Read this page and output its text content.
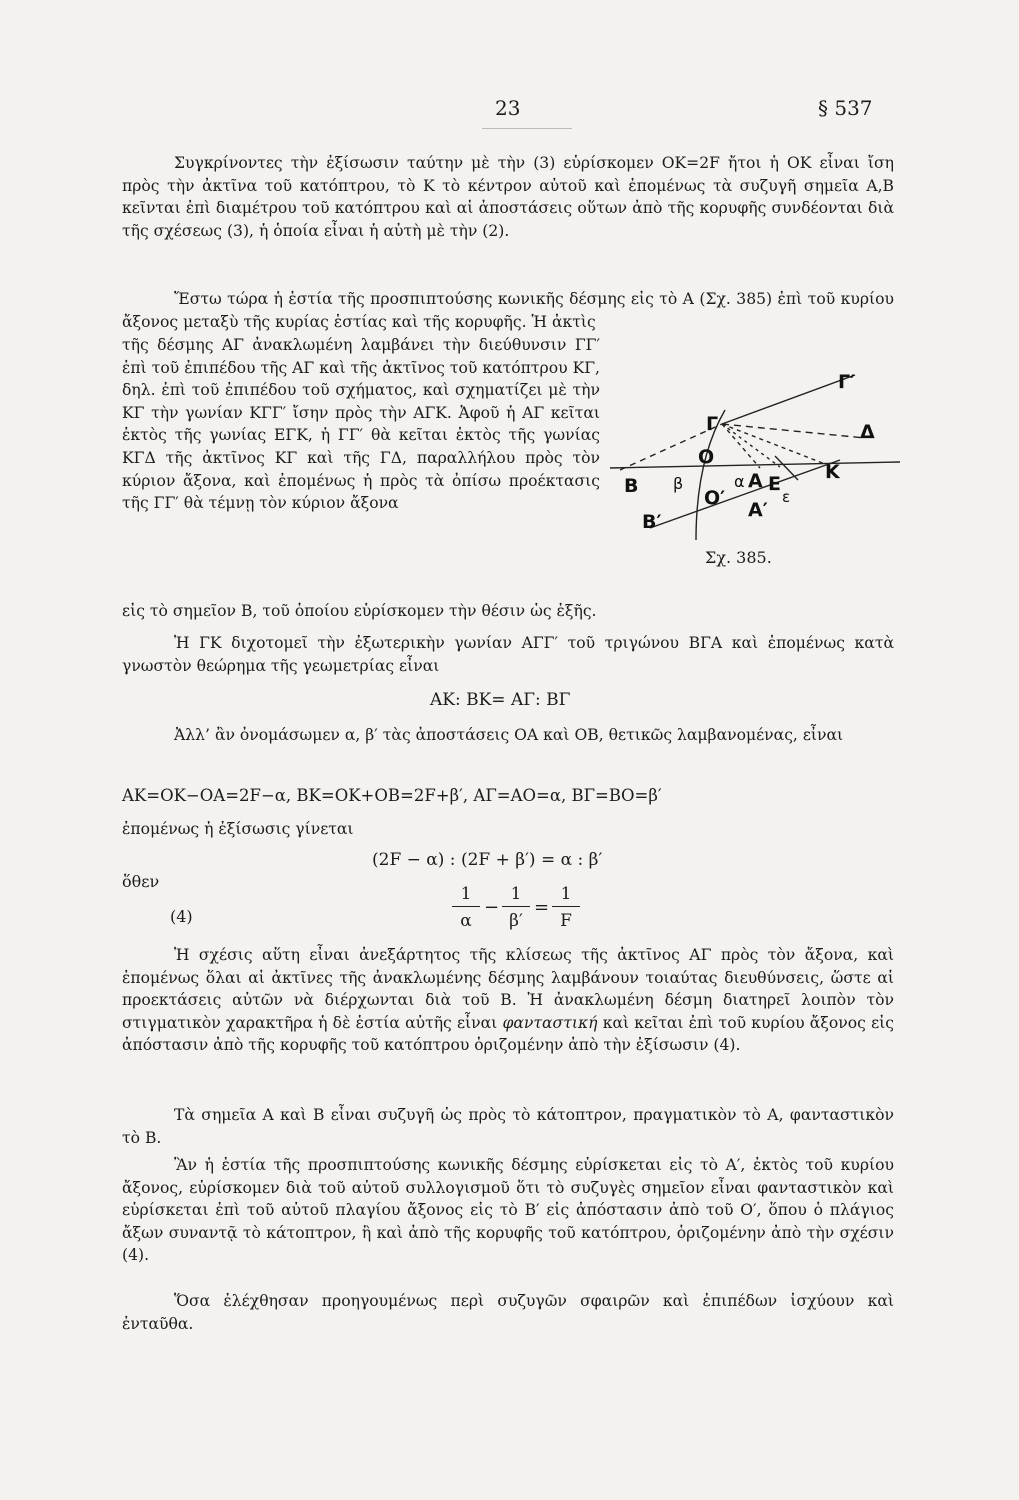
23	§ 537

Συγκρίνοντες τὴν ἐξίσωσιν ταύτην μὲ τὴν (3) εὑρίσκομεν ΟΚ=2F ἤτοι ἡ ΟΚ εἶναι ἴση πρὸς τὴν ἀκτῖνα τοῦ κατόπτρου, τὸ Κ τὸ κέντρον αὐτοῦ καὶ ἐπομένως τὰ συζυγῆ σημεῖα Α,Β κεῖνται ἐπὶ διαμέτρου τοῦ κατόπτρου καὶ αἱ ἀποστάσεις οὕτων ἀπὸ τῆς κορυφῆς συνδέονται διὰ τῆς σχέσεως (3), ἡ ὁποία εἶναι ἡ αὐτὴ μὲ τὴν (2).

Ἔστω τώρα ἡ ἑστία τῆς προσπιπτούσης κωνικῆς δέσμης εἰς τὸ Α (Σχ. 385) ἐπὶ τοῦ κυρίου ἄξονος μεταξὺ τῆς κυρίας ἑστίας καὶ τῆς κορυφῆς. Ἡ ἀκτὶς

τῆς δέσμης ΑΓ ἀνακλωμένη λαμβάνει τὴν διεύθυνσιν ΓΓ′ ἐπὶ τοῦ ἐπιπέδου τῆς ΑΓ καὶ τῆς ἀκτῖνος τοῦ κατόπτρου ΚΓ, δηλ. ἐπὶ τοῦ ἐπιπέδου τοῦ σχήματος, καὶ σχηματίζει μὲ τὴν ΚΓ τὴν γωνίαν ΚΓΓ′ ἴσην πρὸς τὴν ΑΓΚ. Ἀφοῦ ἡ ΑΓ κεῖται ἐκτὸς τῆς γωνίας ΕΓΚ, ἡ ΓΓ′ θὰ κεῖται ἐκτὸς τῆς γωνίας ΚΓΔ τῆς ἀκτῖνος ΚΓ καὶ τῆς ΓΔ, παραλλήλου πρὸς τὸν κύριον ἄξονα, καὶ ἐπομένως ἡ πρὸς τὰ ὀπίσω προέκτασις τῆς ΓΓ′ θὰ τέμνῃ τὸν κύριον ἄξονα

εἰς τὸ σημεῖον Β, τοῦ ὁποίου εὑρίσκομεν τὴν θέσιν ὡς ἑξῆς.

Γ′
Γ	Δ
Ο
Β β	α Α Ε
Κ
Ο′
Α′
ε
Β′
Σχ. 385.

Ἡ ΓΚ διχοτομεῖ τὴν ἐξωτερικὴν γωνίαν ΑΓΓ′ τοῦ τριγώνου ΒΓΑ καὶ ἐπομένως κατὰ γνωστὸν θεώρημα τῆς γεωμετρίας εἶναι

ΑΚ: ΒΚ= ΑΓ: ΒΓ

Ἀλλ’ ἂν ὀνομάσωμεν α, β′ τὰς ἀποστάσεις ΟΑ καὶ ΟΒ, θετικῶς λαμβανομένας, εἶναι

ΑΚ=ΟΚ−ΟΑ=2F−α, ΒΚ=ΟΚ+ΟΒ=2F+β′, ΑΓ=ΑΟ=α, ΒΓ=ΒΟ=β′

ἐπομένως ἡ ἐξίσωσις γίνεται

(2F − α) : (2F + β′) = α : β′
ὅθεν
(4)	$\frac{1}{\alpha} - \frac{1}{\beta'} = \frac{1}{F}$

Ἡ σχέσις αὕτη εἶναι ἀνεξάρτητος τῆς κλίσεως τῆς ἀκτῖνος ΑΓ πρὸς τὸν ἄξονα, καὶ ἐπομένως ὅλαι αἱ ἀκτῖνες τῆς ἀνακλωμένης δέσμης λαμβάνουν τοιαύτας διευθύνσεις, ὥστε αἱ προεκτάσεις αὐτῶν νὰ διέρχωνται διὰ τοῦ Β. Ἡ ἀνακλωμένη δέσμη διατηρεῖ λοιπὸν τὸν στιγματικὸν χαρακτῆρα ἡ δὲ ἑστία αὐτῆς εἶναι φανταστική καὶ κεῖται ἐπὶ τοῦ κυρίου ἄξονος εἰς ἀπόστασιν ἀπὸ τῆς κορυφῆς τοῦ κατόπτρου ὁριζομένην ἀπὸ τὴν ἐξίσωσιν (4).

Τὰ σημεῖα Α καὶ Β εἶναι συζυγῆ ὡς πρὸς τὸ κάτοπτρον, πραγματικὸν τὸ Α, φανταστικὸν τὸ Β.

Ἂν ἡ ἑστία τῆς προσπιπτούσης κωνικῆς δέσμης εὑρίσκεται εἰς τὸ Α′, ἐκτὸς τοῦ κυρίου ἄξονος, εὑρίσκομεν διὰ τοῦ αὐτοῦ συλλογισμοῦ ὅτι τὸ συζυγὲς σημεῖον εἶναι φανταστικὸν καὶ εὑρίσκεται ἐπὶ τοῦ αὐτοῦ πλαγίου ἄξονος εἰς τὸ Β′ εἰς ἀπόστασιν ἀπὸ τοῦ Ο′, ὅπου ὁ πλάγιος ἄξων συναντᾷ τὸ κάτοπτρον, ἢ καὶ ἀπὸ τῆς κορυφῆς τοῦ κατόπτρου, ὁριζομένην ἀπὸ τὴν σχέσιν (4).

Ὅσα ἐλέχθησαν προηγουμένως περὶ συζυγῶν σφαιρῶν καὶ ἐπιπέδων ἰσχύουν καὶ ἐνταῦθα.
